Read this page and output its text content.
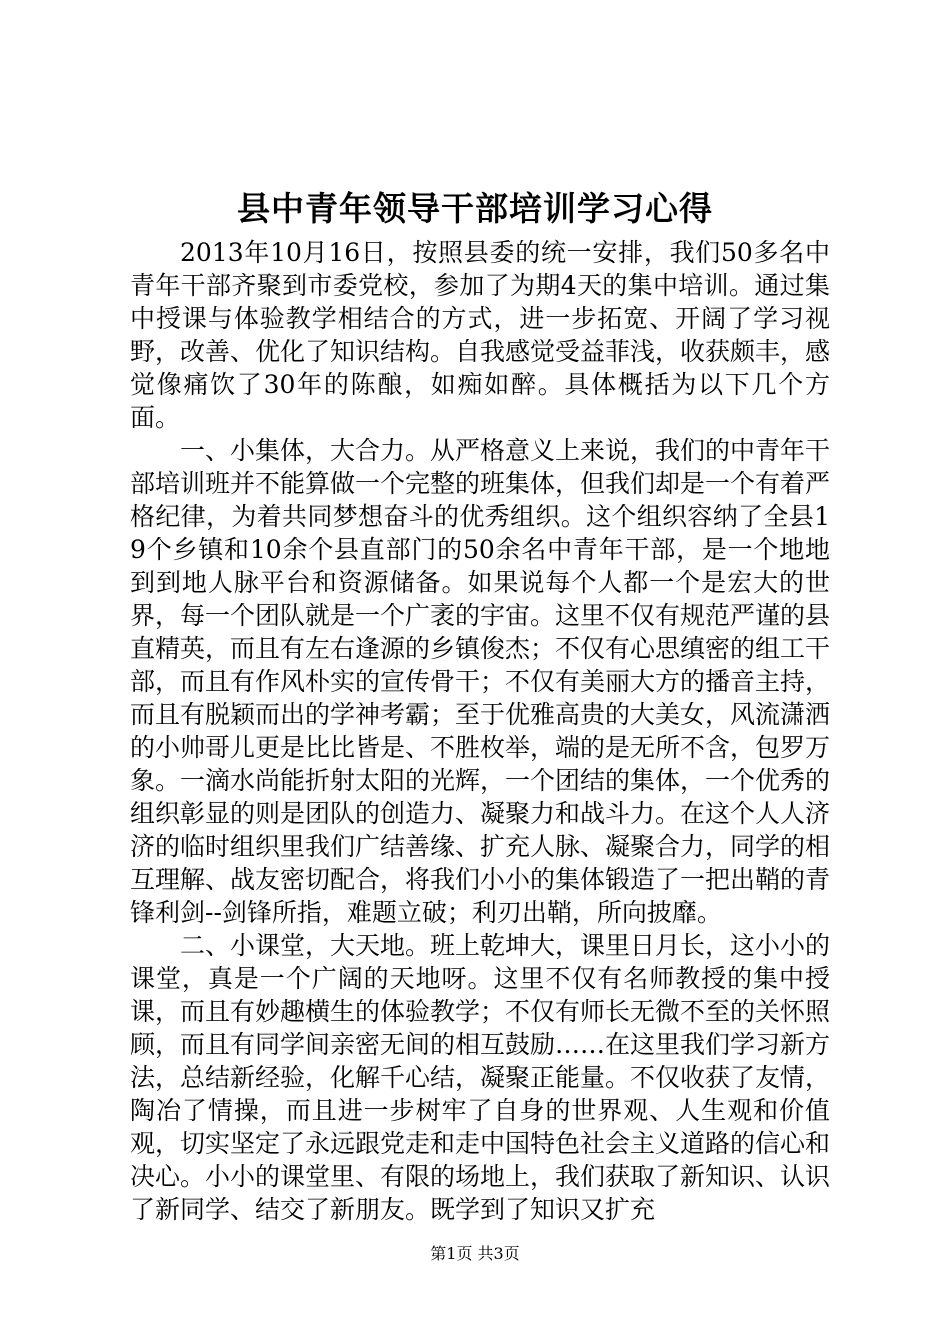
县中青年领导干部培训学习心得

2013年10月16日，按照县委的统一安排，我们50多名中青年干部齐聚到市委党校，参加了为期4天的集中培训。通过集中授课与体验教学相结合的方式，进一步拓宽、开阔了学习视野，改善、优化了知识结构。自我感觉受益菲浅，收获颇丰，感觉像痛饮了30年的陈酿，如痴如醉。具体概括为以下几个方面。

一、小集体，大合力。从严格意义上来说，我们的中青年干部培训班并不能算做一个完整的班集体，但我们却是一个有着严格纪律，为着共同梦想奋斗的优秀组织。这个组织容纳了全县19个乡镇和10余个县直部门的50余名中青年干部，是一个地地到到地人脉平台和资源储备。如果说每个人都一个是宏大的世界，每一个团队就是一个广袤的宇宙。这里不仅有规范严谨的县直精英，而且有左右逢源的乡镇俊杰；不仅有心思缜密的组工干部，而且有作风朴实的宣传骨干；不仅有美丽大方的播音主持，而且有脱颖而出的学神考霸；至于优雅高贵的大美女，风流潇洒的小帅哥儿更是比比皆是、不胜枚举，端的是无所不含，包罗万象。一滴水尚能折射太阳的光辉，一个团结的集体，一个优秀的组织彰显的则是团队的创造力、凝聚力和战斗力。在这个人人济济的临时组织里我们广结善缘、扩充人脉、凝聚合力，同学的相互理解、战友密切配合，将我们小小的集体锻造了一把出鞘的青锋利剑--剑锋所指，难题立破；利刃出鞘，所向披靡。

二、小课堂，大天地。班上乾坤大，课里日月长，这小小的课堂，真是一个广阔的天地呀。这里不仅有名师教授的集中授课，而且有妙趣横生的体验教学；不仅有师长无微不至的关怀照顾，而且有同学间亲密无间的相互鼓励……在这里我们学习新方法，总结新经验，化解千心结，凝聚正能量。不仅收获了友情，陶冶了情操，而且进一步树牢了自身的世界观、人生观和价值观，切实坚定了永远跟党走和走中国特色社会主义道路的信心和决心。小小的课堂里、有限的场地上，我们获取了新知识、认识了新同学、结交了新朋友。既学到了知识又扩充

第1页 共3页
